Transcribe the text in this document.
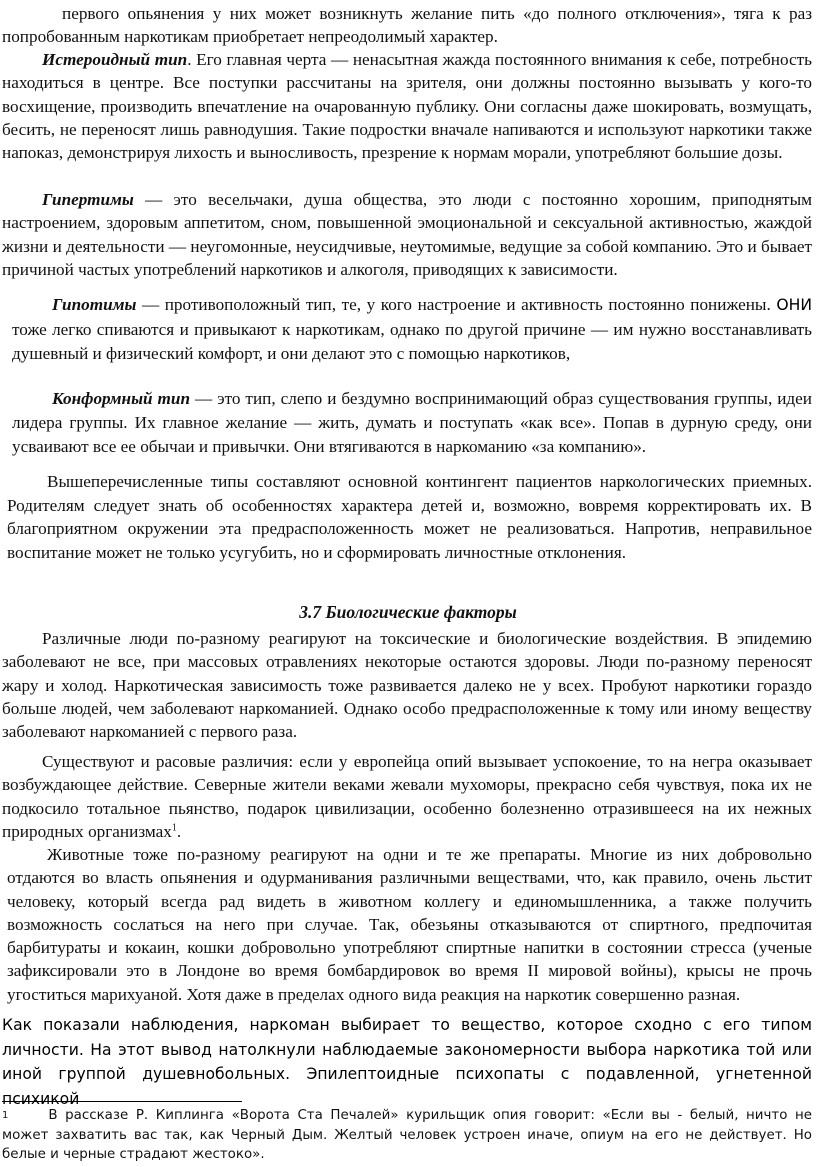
первого опьянения у них может возникнуть желание пить «до полного отключения», тяга к раз попробованным наркотикам приобретает непреодолимый характер.

Истероидный тип. Его главная черта — ненасытная жажда постоянного внимания к себе, потребность находиться в центре. Все поступки рассчитаны на зрителя, они должны постоянно вызывать у кого-то восхищение, производить впечатление на очарованную публику. Они согласны даже шокировать, возмущать, бесить, не переносят лишь равнодушия. Такие подростки вначале напиваются и используют наркотики также напоказ, демонстрируя лихость и выносливость, презрение к нормам морали, употребляют большие дозы.

Гипертимы — это весельчаки, душа общества, это люди с постоянно хорошим, приподнятым настроением, здоровым аппетитом, сном, повышенной эмоциональной и сексуальной активностью, жаждой жизни и деятельности — неугомонные, неусидчивые, неутомимые, ведущие за собой компанию. Это и бывает причиной частых употреблений наркотиков и алкоголя, приводящих к зависимости.

Гипотимы — противоположный тип, те, у кого настроение и активность постоянно понижены. ОНИ тоже легко спиваются и привыкают к наркотикам, однако по другой причине — им нужно восстанавливать душевный и физический комфорт, и они делают это с помощью наркотиков,

Конформный тип — это тип, слепо и бездумно воспринимающий образ существования группы, идеи лидера группы. Их главное желание — жить, думать и поступать «как все». Попав в дурную среду, они усваивают все ее обычаи и привычки. Они втягиваются в наркоманию «за компанию».

Вышеперечисленные типы составляют основной контингент пациентов наркологических приемных. Родителям следует знать об особенностях характера детей и, возможно, вовремя корректировать их. В благоприятном окружении эта предрасположенность может не реализоваться. Напротив, неправильное воспитание может не только усугубить, но и сформировать личностные отклонения.

3.7 Биологические факторы

Различные люди по-разному реагируют на токсические и биологические воздействия. В эпидемию заболевают не все, при массовых отравлениях некоторые остаются здоровы. Люди по-разному переносят жару и холод. Наркотическая зависимость тоже развивается далеко не у всех. Пробуют наркотики гораздо больше людей, чем заболевают наркоманией. Однако особо предрасположенные к тому или иному веществу заболевают наркоманией с первого раза.

Существуют и расовые различия: если у европейца опий вызывает успокоение, то на негра оказывает возбуждающее действие. Северные жители веками жевали мухоморы, прекрасно себя чувствуя, пока их не подкосило тотальное пьянство, подарок цивилизации, особенно болезненно отразившееся на их нежных природных организмах$^1$.

Животные тоже по-разному реагируют на одни и те же препараты. Многие из них добровольно отдаются во власть опьянения и одурманивания различными веществами, что, как правило, очень льстит человеку, который всегда рад видеть в животном коллегу и единомышленника, а также получить возможность сослаться на него при случае. Так, обезьяны отказываются от спиртного, предпочитая барбитураты и кокаин, кошки добровольно употребляют спиртные напитки в состоянии стресса (ученые зафиксировали это в Лондоне во время бомбардировок во время II мировой войны), крысы не прочь угоститься марихуаной. Хотя даже в пределах одного вида реакция на наркотик совершенно разная.

Как показали наблюдения, наркоман выбирает то вещество, которое сходно с его типом личности. На этот вывод натолкнули наблюдаемые закономерности выбора наркотика той или иной группой душевнобольных. Эпилептоидные психопаты с подавленной, угнетенной психикой

$^1$	В рассказе Р. Киплинга «Ворота Ста Печалей» курильщик опия говорит: «Если вы - белый, ничто не может захватить вас так, как Черный Дым. Желтый человек устроен иначе, опиум на его не действует. Но белые и черные страдают жестоко».
